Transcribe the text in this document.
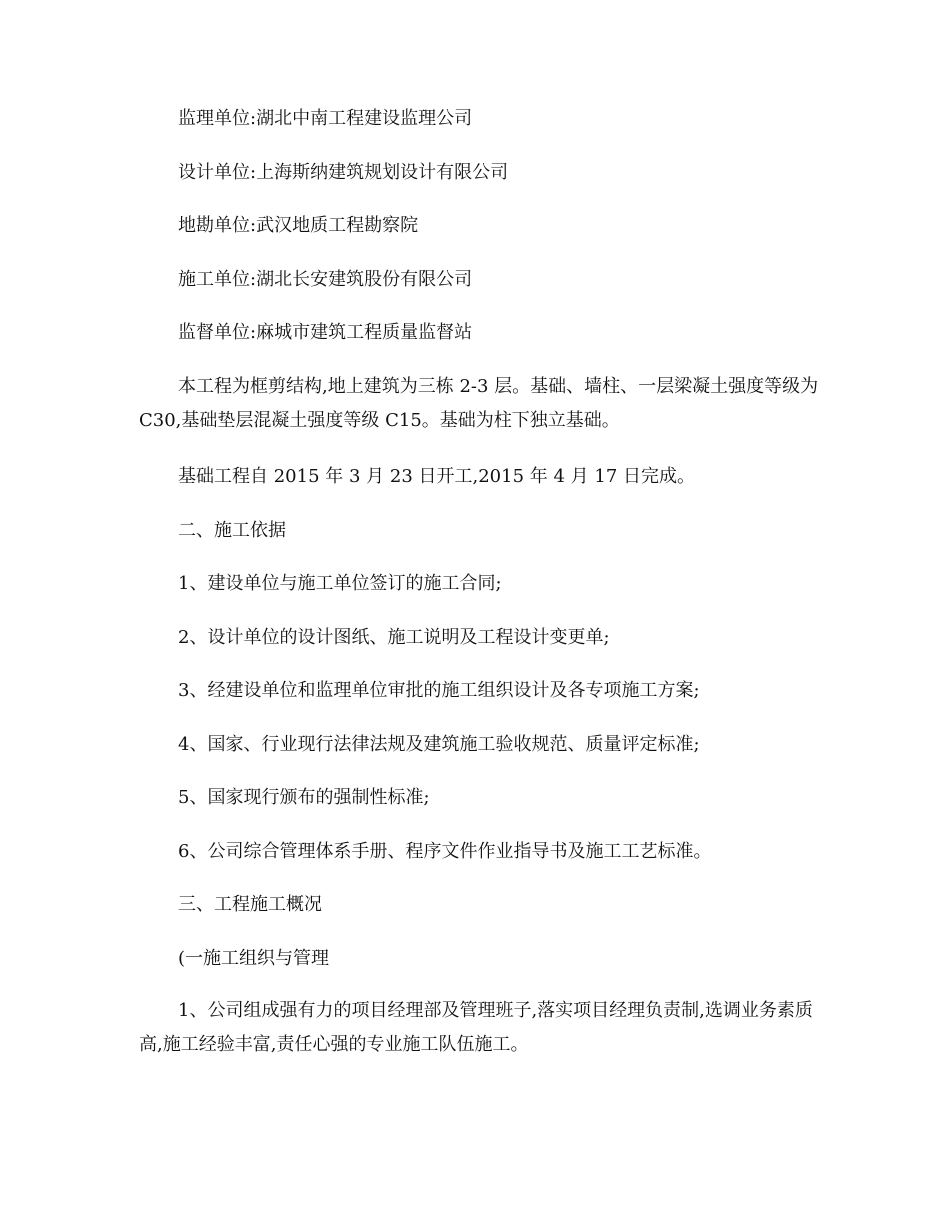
监理单位:湖北中南工程建设监理公司
设计单位:上海斯纳建筑规划设计有限公司
地勘单位:武汉地质工程勘察院
施工单位:湖北长安建筑股份有限公司
监督单位:麻城市建筑工程质量监督站
本工程为框剪结构,地上建筑为三栋 2-3 层。基础、墙柱、一层梁凝土强度等级为 C30,基础垫层混凝土强度等级 C15。基础为柱下独立基础。
基础工程自 2015 年 3 月 23 日开工,2015 年 4 月 17 日完成。
二、施工依据
1、建设单位与施工单位签订的施工合同;
2、设计单位的设计图纸、施工说明及工程设计变更单;
3、经建设单位和监理单位审批的施工组织设计及各专项施工方案;
4、国家、行业现行法律法规及建筑施工验收规范、质量评定标准;
5、国家现行颁布的强制性标准;
6、公司综合管理体系手册、程序文件作业指导书及施工工艺标准。
三、工程施工概况
(一施工组织与管理
1、公司组成强有力的项目经理部及管理班子,落实项目经理负责制,选调业务素质高,施工经验丰富,责任心强的专业施工队伍施工。
